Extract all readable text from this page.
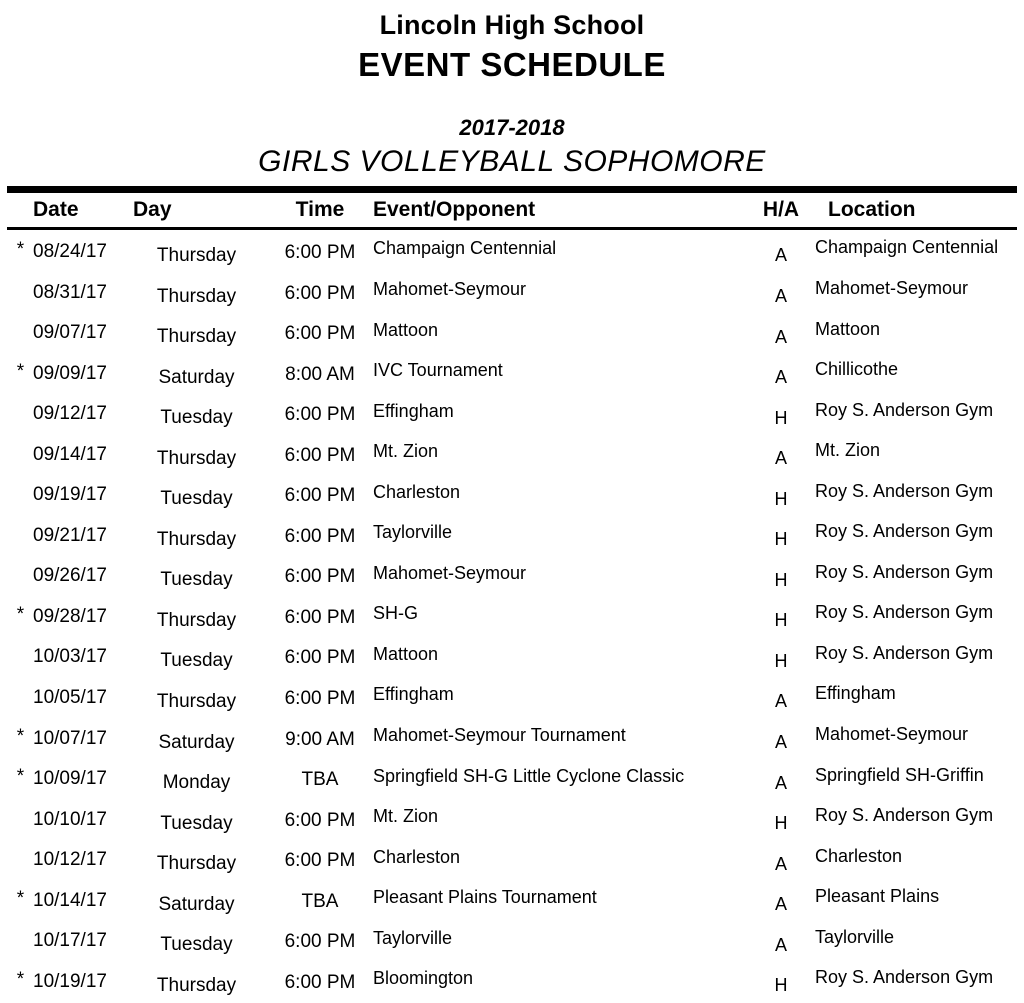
Lincoln High School
EVENT SCHEDULE
2017-2018
GIRLS VOLLEYBALL SOPHOMORE
Date	Day	Time	Event/Opponent	H/A	Location
* 08/24/17	Thursday	6:00 PM Champaign Centennial	A	Champaign Centennial
08/31/17	Thursday	6:00 PM Mahomet-Seymour	A	Mahomet-Seymour
09/07/17	Thursday	6:00 PM Mattoon	A	Mattoon
* 09/09/17	Saturday	8:00 AM	IVC Tournament	A	Chillicothe
09/12/17	Tuesday	6:00 PM Effingham	H	Roy S. Anderson Gym
09/14/17	Thursday	6:00 PM Mt. Zion	A	Mt. Zion
09/19/17	Tuesday	6:00 PM Charleston	H	Roy S. Anderson Gym
09/21/17	Thursday	6:00 PM Taylorville	H	Roy S. Anderson Gym
09/26/17	Tuesday	6:00 PM Mahomet-Seymour	H	Roy S. Anderson Gym
* 09/28/17	Thursday	6:00 PM SH-G	H	Roy S. Anderson Gym
10/03/17	Tuesday	6:00 PM Mattoon	H	Roy S. Anderson Gym
10/05/17	Thursday	6:00 PM Effingham	A	Effingham
* 10/07/17	Saturday	9:00 AM	Mahomet-Seymour Tournament	A	Mahomet-Seymour
* 10/09/17	Monday	TBA	Springfield SH-G Little Cyclone Classic	A	Springfield SH-Griffin
10/10/17	Tuesday	6:00 PM Mt. Zion	H	Roy S. Anderson Gym
10/12/17	Thursday	6:00 PM Charleston	A	Charleston
* 10/14/17	Saturday	TBA	Pleasant Plains Tournament	A	Pleasant Plains
10/17/17	Tuesday	6:00 PM Taylorville	A	Taylorville
* 10/19/17	Thursday	6:00 PM Bloomington	H	Roy S. Anderson Gym
